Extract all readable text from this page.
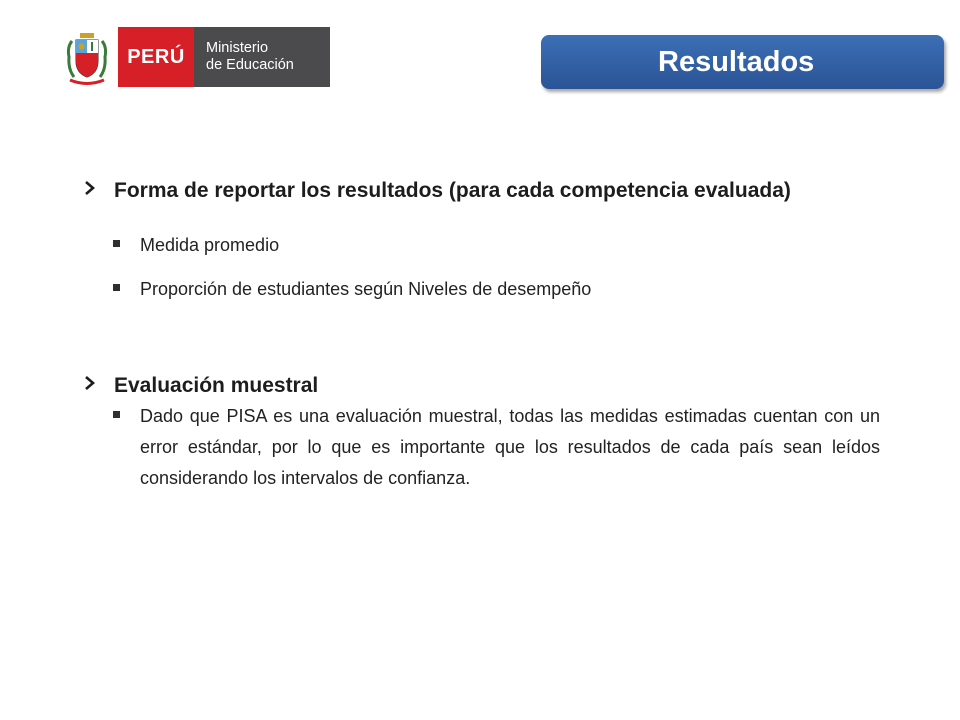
PERÚ Ministerio
de Educación	Resultados
Forma de reportar los resultados (para cada competencia evaluada)
Medida promedio
Proporción de estudiantes según Niveles de desempeño
Evaluación muestral
Dado que PISA es una evaluación muestral, todas las medidas estimadas cuentan con un error estándar, por lo que es importante que los resultados de cada país sean leídos considerando los intervalos de confianza.
